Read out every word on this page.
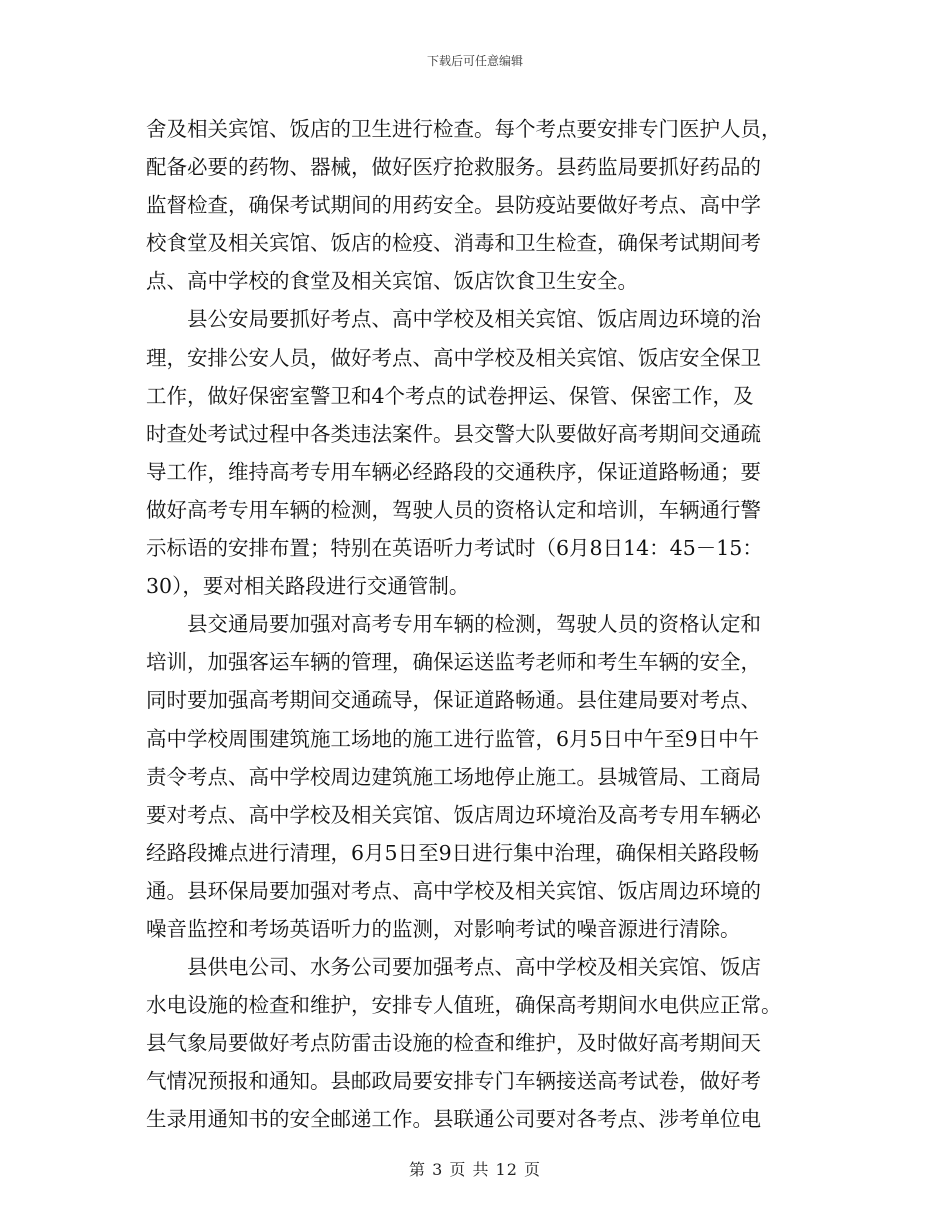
下载后可任意编辑
舍及相关宾馆、饭店的卫生进行检查。每个考点要安排专门医护人员，
配备必要的药物、器械，做好医疗抢救服务。县药监局要抓好药品的
监督检查，确保考试期间的用药安全。县防疫站要做好考点、高中学
校食堂及相关宾馆、饭店的检疫、消毒和卫生检查，确保考试期间考
点、高中学校的食堂及相关宾馆、饭店饮食卫生安全。
　　县公安局要抓好考点、高中学校及相关宾馆、饭店周边环境的治
理，安排公安人员，做好考点、高中学校及相关宾馆、饭店安全保卫
工作，做好保密室警卫和4个考点的试卷押运、保管、保密工作，及
时查处考试过程中各类违法案件。县交警大队要做好高考期间交通疏
导工作，维持高考专用车辆必经路段的交通秩序，保证道路畅通；要
做好高考专用车辆的检测，驾驶人员的资格认定和培训，车辆通行警
示标语的安排布置；特别在英语听力考试时（6月8日14：45－15：
30），要对相关路段进行交通管制。
　　县交通局要加强对高考专用车辆的检测，驾驶人员的资格认定和
培训，加强客运车辆的管理，确保运送监考老师和考生车辆的安全，
同时要加强高考期间交通疏导，保证道路畅通。县住建局要对考点、
高中学校周围建筑施工场地的施工进行监管，6月5日中午至9日中午
责令考点、高中学校周边建筑施工场地停止施工。县城管局、工商局
要对考点、高中学校及相关宾馆、饭店周边环境治及高考专用车辆必
经路段摊点进行清理，6月5日至9日进行集中治理，确保相关路段畅
通。县环保局要加强对考点、高中学校及相关宾馆、饭店周边环境的
噪音监控和考场英语听力的监测，对影响考试的噪音源进行清除。
　　县供电公司、水务公司要加强考点、高中学校及相关宾馆、饭店
水电设施的检查和维护，安排专人值班，确保高考期间水电供应正常。
县气象局要做好考点防雷击设施的检查和维护，及时做好高考期间天
气情况预报和通知。县邮政局要安排专门车辆接送高考试卷，做好考
生录用通知书的安全邮递工作。县联通公司要对各考点、涉考单位电
第 3 页 共 12 页
